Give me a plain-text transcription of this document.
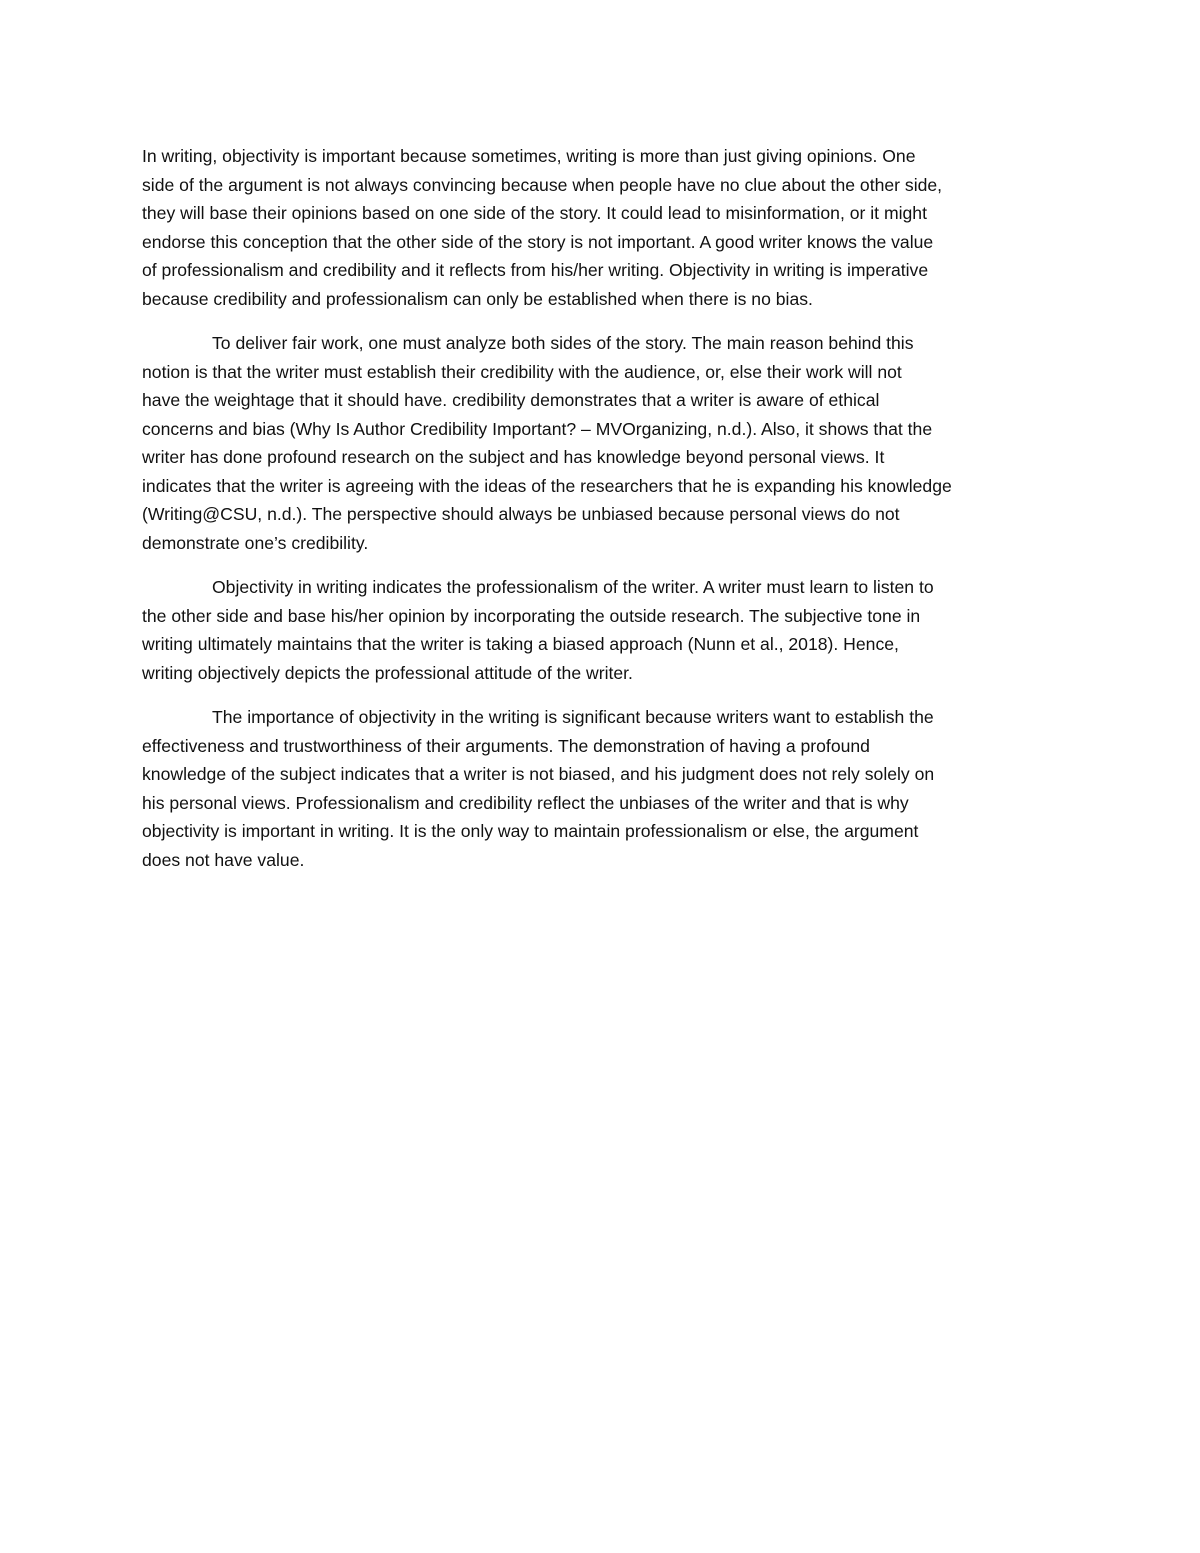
In writing, objectivity is important because sometimes, writing is more than just giving opinions. One
side of the argument is not always convincing because when people have no clue about the other side,
they will base their opinions based on one side of the story. It could lead to misinformation, or it might
endorse this conception that the other side of the story is not important. A good writer knows the value
of professionalism and credibility and it reflects from his/her writing. Objectivity in writing is imperative
because credibility and professionalism can only be established when there is no bias.

To deliver fair work, one must analyze both sides of the story. The main reason behind this
notion is that the writer must establish their credibility with the audience, or, else their work will not
have the weightage that it should have. credibility demonstrates that a writer is aware of ethical
concerns and bias (Why Is Author Credibility Important? – MVOrganizing, n.d.). Also, it shows that the
writer has done profound research on the subject and has knowledge beyond personal views. It
indicates that the writer is agreeing with the ideas of the researchers that he is expanding his knowledge
(Writing@CSU, n.d.). The perspective should always be unbiased because personal views do not
demonstrate one’s credibility.

Objectivity in writing indicates the professionalism of the writer. A writer must learn to listen to
the other side and base his/her opinion by incorporating the outside research. The subjective tone in
writing ultimately maintains that the writer is taking a biased approach (Nunn et al., 2018). Hence,
writing objectively depicts the professional attitude of the writer.

The importance of objectivity in the writing is significant because writers want to establish the
effectiveness and trustworthiness of their arguments. The demonstration of having a profound
knowledge of the subject indicates that a writer is not biased, and his judgment does not rely solely on
his personal views. Professionalism and credibility reflect the unbiases of the writer and that is why
objectivity is important in writing. It is the only way to maintain professionalism or else, the argument
does not have value.
